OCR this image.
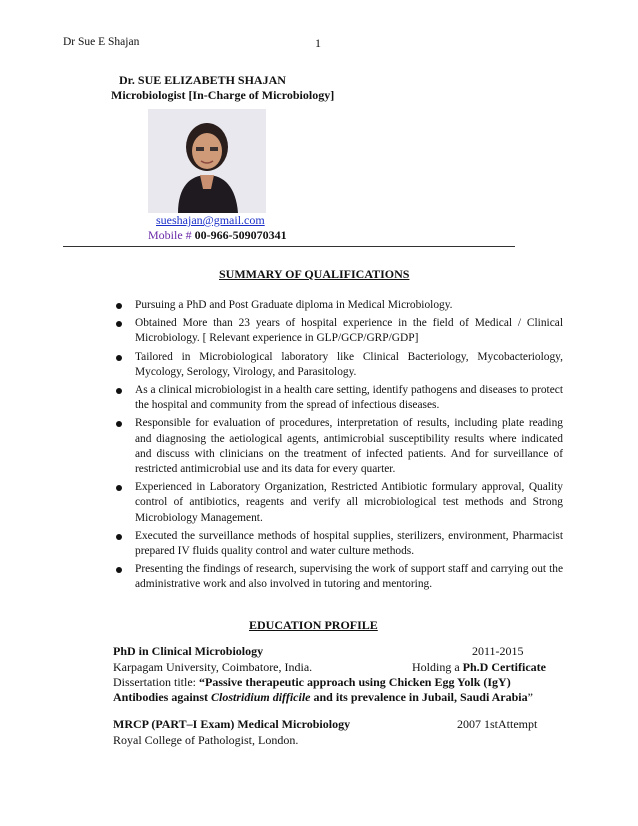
Dr Sue E Shajan	1
Dr. SUE ELIZABETH SHAJAN
Microbiologist [In-Charge of Microbiology]
sueshajan@gmail.com
Mobile # 00-966-509070341
SUMMARY OF QUALIFICATIONS
Pursuing a PhD and Post Graduate diploma in Medical Microbiology.
Obtained More than 23 years of hospital experience in the field of Medical / Clinical Microbiology. [ Relevant experience in GLP/GCP/GRP/GDP]
Tailored in Microbiological laboratory like Clinical Bacteriology, Mycobacteriology, Mycology, Serology, Virology, and Parasitology.
As a clinical microbiologist in a health care setting, identify pathogens and diseases to protect the hospital and community from the spread of infectious diseases.
Responsible for evaluation of procedures, interpretation of results, including plate reading and diagnosing the aetiological agents, antimicrobial susceptibility results where indicated and discuss with clinicians on the treatment of infected patients. And for surveillance of restricted antimicrobial use and its data for every quarter.
Experienced in Laboratory Organization, Restricted Antibiotic formulary approval, Quality control of antibiotics, reagents and verify all microbiological test methods and Strong Microbiology Management.
Executed the surveillance methods of hospital supplies, sterilizers, environment, Pharmacist prepared IV fluids quality control and water culture methods.
Presenting the findings of research, supervising the work of support staff and carrying out the administrative work and also involved in tutoring and mentoring.
EDUCATION PROFILE
PhD in Clinical Microbiology	2011-2015
Karpagam University, Coimbatore, India.	Holding a Ph.D Certificate
Dissertation title: “Passive therapeutic approach using Chicken Egg Yolk (IgY) Antibodies against Clostridium difficile and its prevalence in Jubail, Saudi Arabia”
MRCP (PART–I Exam) Medical Microbiology	2007 1stAttempt
Royal College of Pathologist, London.
